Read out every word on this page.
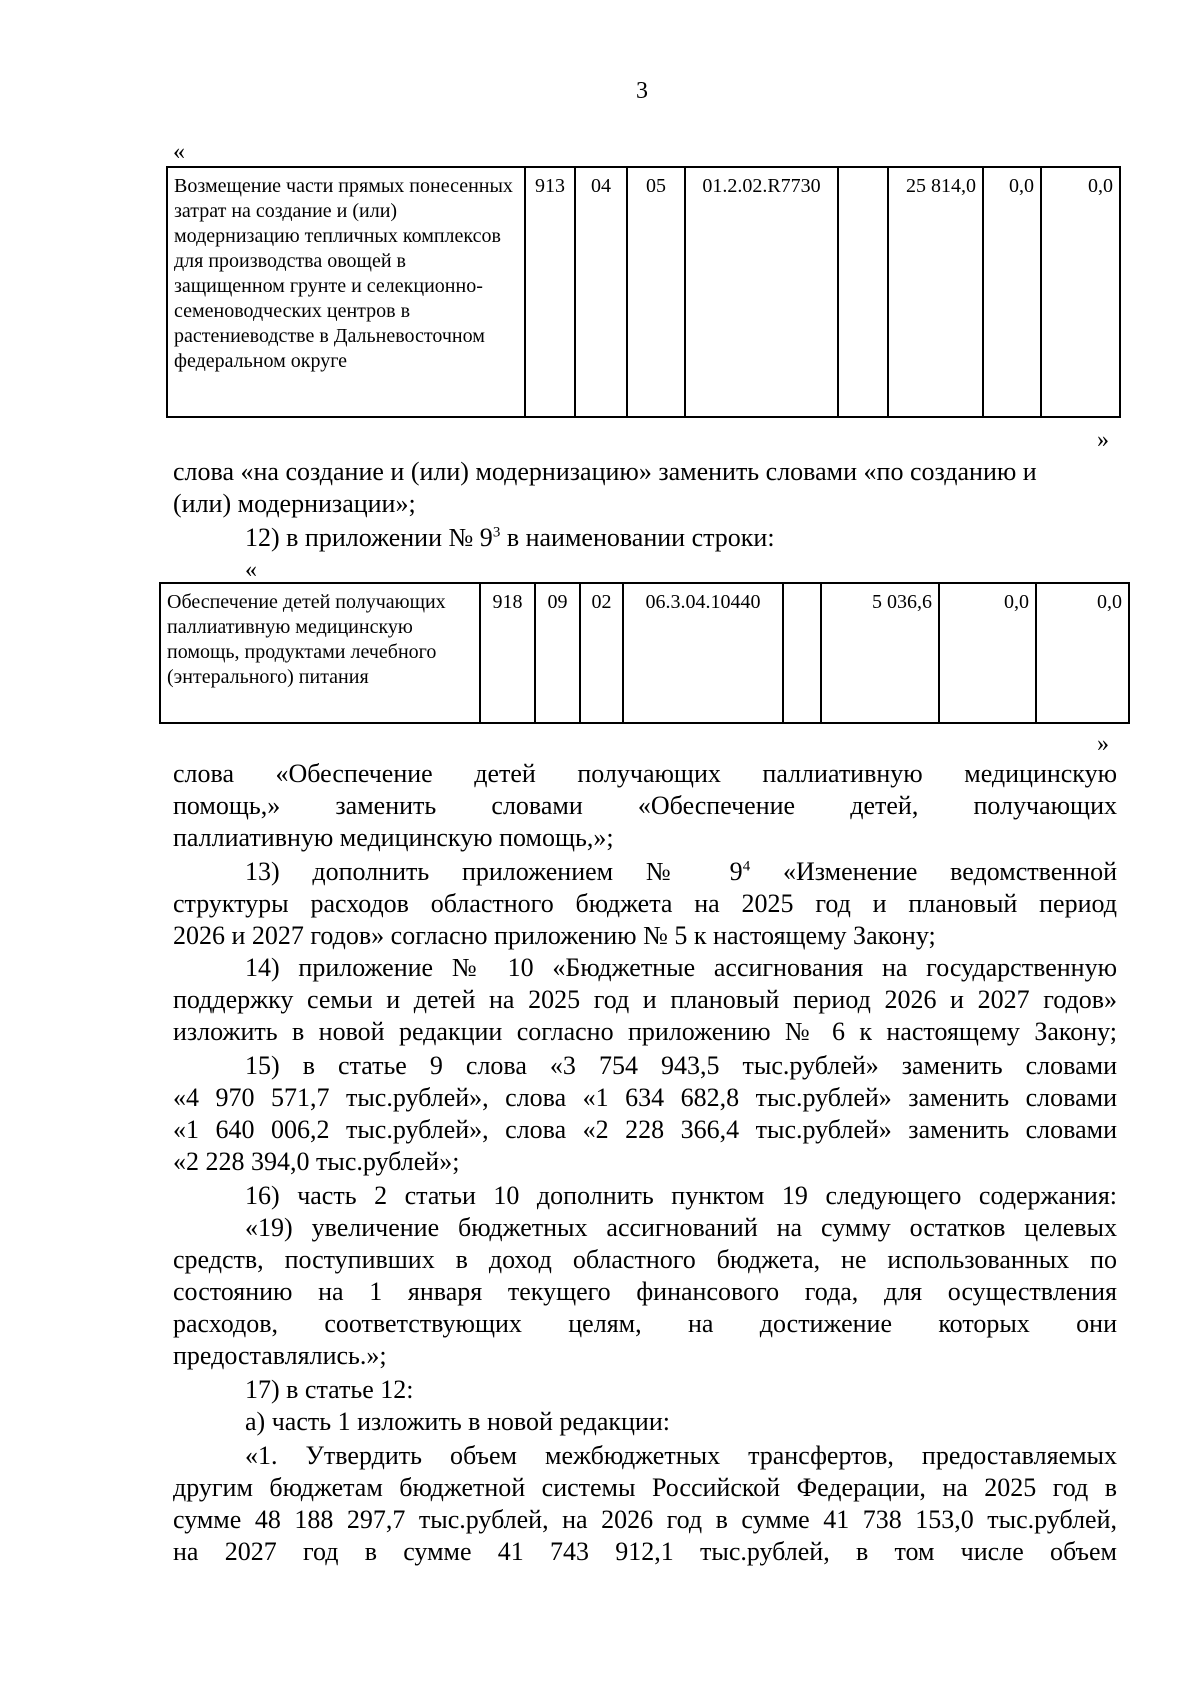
3
«
Возмещение части прямых понесенных затрат на создание и (или) модернизацию тепличных комплексов для производства овощей в защищенном грунте и селекционно-семеноводческих центров в растениеводстве в Дальневосточном федеральном округе	913	04	05	01.2.02.R7730		25 814,0	0,0	0,0
»
слова «на создание и (или) модернизацию» заменить словами «по созданию и
(или) модернизации»;
12) в приложении № $9^3$ в наименовании строки:
«
Обеспечение детей получающих паллиативную медицинскую помощь, продуктами лечебного (энтерального) питания	918	09	02	06.3.04.10440		5 036,6	0,0	0,0
»
слова «Обеспечение детей получающих паллиативную медицинскую
помощь,» заменить словами «Обеспечение детей, получающих
паллиативную медицинскую помощь,»;
13) дополнить приложением № $9^4$ «Изменение ведомственной
структуры расходов областного бюджета на 2025 год и плановый период
2026 и 2027 годов» согласно приложению № 5 к настоящему Закону;
14) приложение № 10 «Бюджетные ассигнования на государственную
поддержку семьи и детей на 2025 год и плановый период 2026 и 2027 годов»
изложить в новой редакции согласно приложению № 6 к настоящему Закону;
15) в статье 9 слова «3 754 943,5 тыс.рублей» заменить словами
«4 970 571,7 тыс.рублей», слова «1 634 682,8 тыс.рублей» заменить словами
«1 640 006,2 тыс.рублей», слова «2 228 366,4 тыс.рублей» заменить словами
«2 228 394,0 тыс.рублей»;
16) часть 2 статьи 10 дополнить пунктом 19 следующего содержания:
«19) увеличение бюджетных ассигнований на сумму остатков целевых
средств, поступивших в доход областного бюджета, не использованных по
состоянию на 1 января текущего финансового года, для осуществления
расходов, соответствующих целям, на достижение которых они
предоставлялись.»;
17) в статье 12:
а) часть 1 изложить в новой редакции:
«1. Утвердить объем межбюджетных трансфертов, предоставляемых
другим бюджетам бюджетной системы Российской Федерации, на 2025 год в
сумме 48 188 297,7 тыс.рублей, на 2026 год в сумме 41 738 153,0 тыс.рублей,
на 2027 год в сумме 41 743 912,1 тыс.рублей, в том числе объем
